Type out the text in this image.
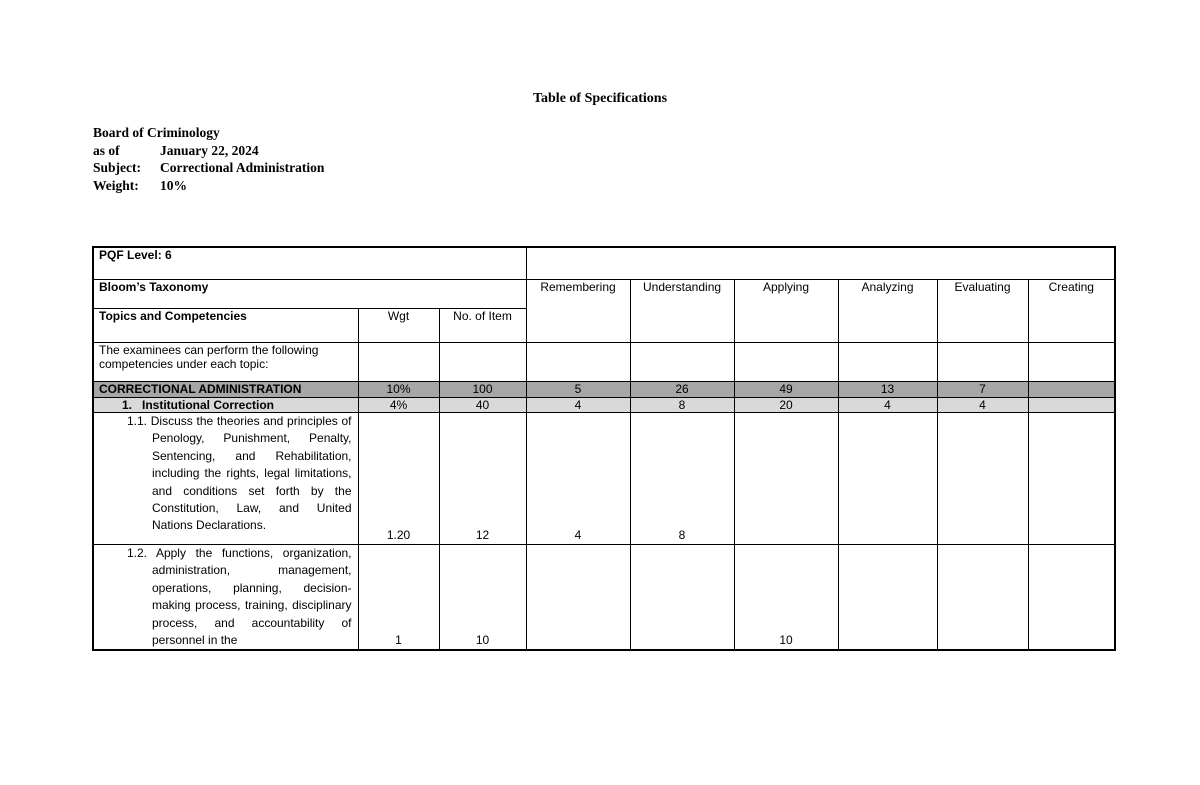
Table of Specifications
Board of Criminology
as of	January 22, 2024
Subject: Correctional Administration
Weight: 10%
PQF Level: 6								
Bloom’s Taxonomy			Remembering	Understanding	Applying	Analyzing	Evaluating	Creating
Topics and Competencies	Wgt	No. of Item						
The examinees can perform the following competencies under each topic:								
CORRECTIONAL ADMINISTRATION	10%	100	5	26	49	13	7	
1.   Institutional Correction	4%	40	4	8	20	4	4	
1.1. Discuss the theories and principles of Penology, Punishment, Penalty, Sentencing, and Rehabilitation, including the rights, legal limitations, and conditions set forth by the Constitution, Law, and United Nations Declarations.	1.20	12	4	8				
1.2. Apply the functions, organization, administration, management, operations, planning, decision-making process, training, disciplinary process, and accountability of personnel in the	1	10			10			
